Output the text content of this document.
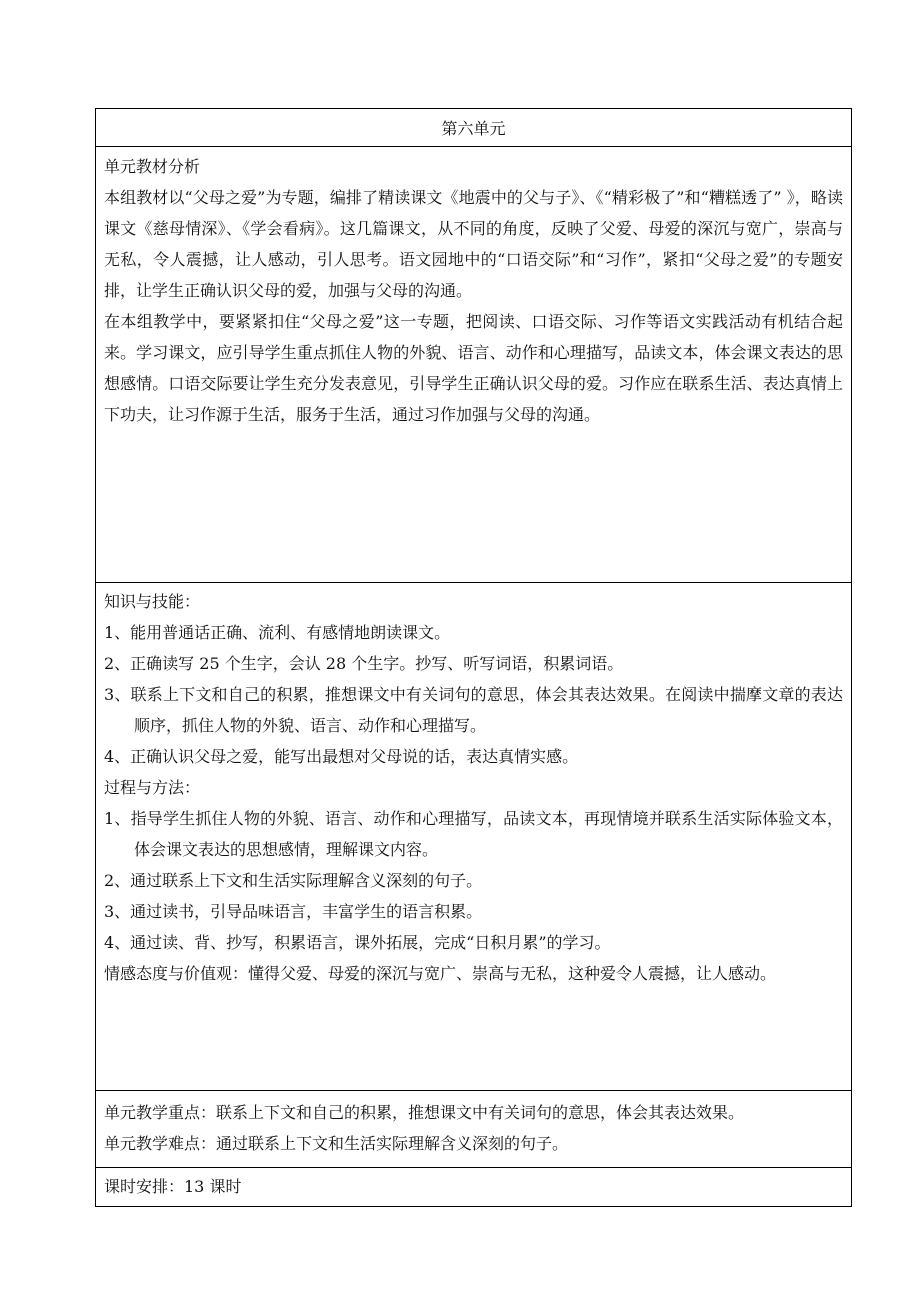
第六单元

单元教材分析

本组教材以“父母之爱”为专题，编排了精读课文《地震中的父与子》、《“精彩极了”和“糟糕透了” 》，略读课文《慈母情深》、《学会看病》。这几篇课文，从不同的角度，反映了父爱、母爱的深沉与宽广，崇高与无私，令人震撼，让人感动，引人思考。语文园地中的“口语交际”和“习作”，紧扣“父母之爱”的专题安排，让学生正确认识父母的爱，加强与父母的沟通。

在本组教学中，要紧紧扣住“父母之爱”这一专题，把阅读、口语交际、习作等语文实践活动有机结合起来。学习课文，应引导学生重点抓住人物的外貌、语言、动作和心理描写，品读文本，体会课文表达的思想感情。口语交际要让学生充分发表意见，引导学生正确认识父母的爱。习作应在联系生活、表达真情上下功夫，让习作源于生活，服务于生活，通过习作加强与父母的沟通。

知识与技能：

1、能用普通话正确、流利、有感情地朗读课文。

2、正确读写 25 个生字，会认 28 个生字。抄写、听写词语，积累词语。

3、联系上下文和自己的积累，推想课文中有关词句的意思，体会其表达效果。在阅读中揣摩文章的表达顺序，抓住人物的外貌、语言、动作和心理描写。

4、正确认识父母之爱，能写出最想对父母说的话，表达真情实感。

过程与方法：

1、指导学生抓住人物的外貌、语言、动作和心理描写，品读文本，再现情境并联系生活实际体验文本，体会课文表达的思想感情，理解课文内容。

2、通过联系上下文和生活实际理解含义深刻的句子。

3、通过读书，引导品味语言，丰富学生的语言积累。

4、通过读、背、抄写，积累语言，课外拓展，完成“日积月累”的学习。

情感态度与价值观：懂得父爱、母爱的深沉与宽广、崇高与无私，这种爱令人震撼，让人感动。

单元教学重点：联系上下文和自己的积累，推想课文中有关词句的意思，体会其表达效果。

单元教学难点：通过联系上下文和生活实际理解含义深刻的句子。

课时安排：13 课时
